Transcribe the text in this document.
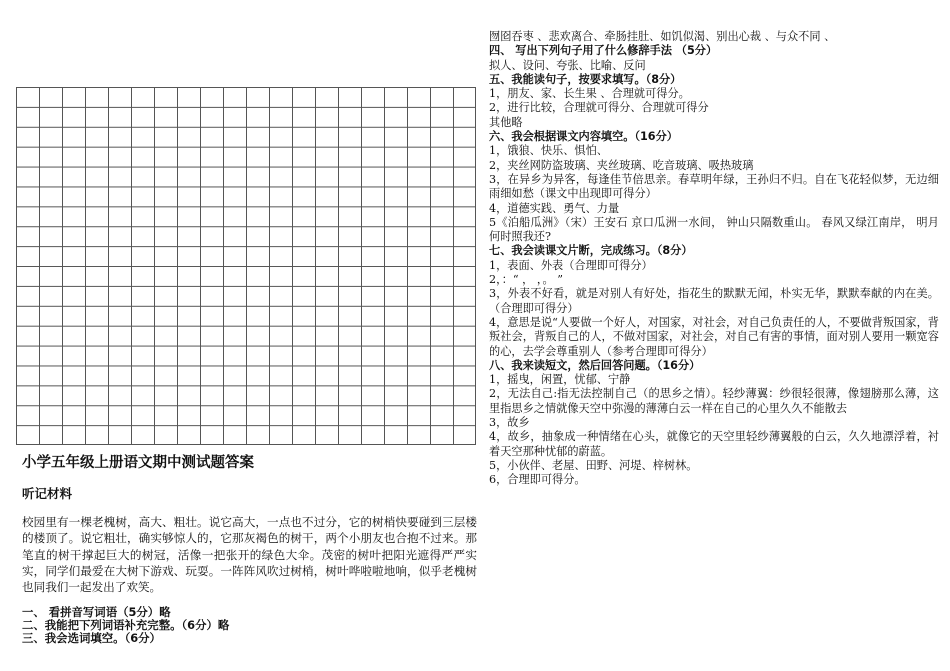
小学五年级上册语文期中测试题答案
听记材料
校园里有一棵老槐树，高大、粗壮。说它高大，一点也不过分，它的树梢快要碰到三层楼的楼顶了。说它粗壮，确实够惊人的，它那灰褐色的树干，两个小朋友也合抱不过来。那笔直的树干撑起巨大的树冠，活像一把张开的绿色大伞。茂密的树叶把阳光遮得严严实实，同学们最爱在大树下游戏、玩耍。一阵阵风吹过树梢，树叶哗啦啦地响，似乎老槐树也同我们一起发出了欢笑。
一、 看拼音写词语（5分）略
二、我能把下列词语补充完整。（6分）略
三、我会选词填空。（6分）
囫囵吞枣 、悲欢离合、牵肠挂肚、如饥似渴、别出心裁 、与众不同 、
四、 写出下列句子用了什么修辞手法 （5分）
拟人、设问、夸张、比喻、反问
五、我能读句子，按要求填写。（8分）
1，朋友、家、长生果 、合理就可得分。
2，进行比较，合理就可得分、合理就可得分
其他略
六、我会根据课文内容填空。（16分）
1，饿狼、快乐、惧怕、
2，夹丝网防盗玻璃、夹丝玻璃、吃音玻璃、吸热玻璃
3，在异乡为异客，每逢佳节倍思亲。春草明年绿，王孙归不归。自在飞花轻似梦，无边细雨细如愁（课文中出现即可得分）
4，道德实践、勇气、力量
5《泊船瓜洲》（宋）王安石 京口瓜洲一水间， 钟山只隔数重山。 春风又绿江南岸， 明月何时照我还?
七、我会读课文片断，完成练习。（8分）
1，表面、外表（合理即可得分）
2，：“ ， ，。 ”
3，外表不好看，就是对别人有好处，指花生的默默无闻，朴实无华，默默奉献的内在美。（合理即可得分）
4，意思是说“人要做一个好人，对国家，对社会，对自己负责任的人，不要做背叛国家，背叛社会，背叛自己的人，不做对国家，对社会，对自己有害的事情，面对别人要用一颗宽容的心，去学会尊重别人（参考合理即可得分）
八、我来读短文，然后回答问题。（16分）
1，摇曳，闲置，忧郁、宁静
2，无法自己:指无法控制自己（的思乡之情）。轻纱薄翼：纱很轻很薄，像翅膀那么薄，这里指思乡之情就像天空中弥漫的薄薄白云一样在自己的心里久久不能散去
3，故乡
4，故乡，抽象成一种情绪在心头，就像它的天空里轻纱薄翼般的白云，久久地漂浮着，衬着天空那种忧郁的蔚蓝。
5，小伙伴、老屋、田野、河堤、梓树林。
6，合理即可得分。
